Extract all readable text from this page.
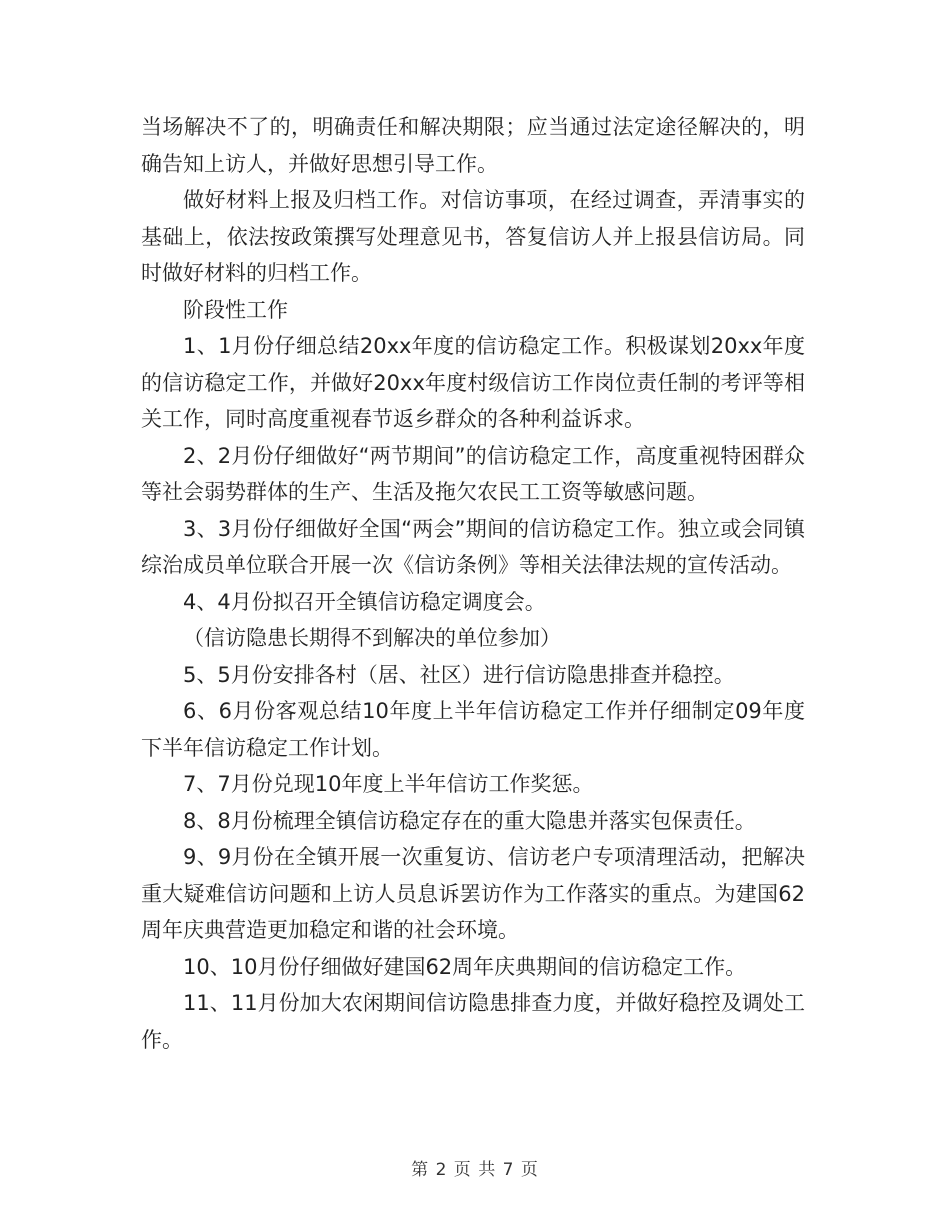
当场解决不了的，明确责任和解决期限；应当通过法定途径解决的，明确告知上访人，并做好思想引导工作。

做好材料上报及归档工作。对信访事项，在经过调查，弄清事实的基础上，依法按政策撰写处理意见书，答复信访人并上报县信访局。同时做好材料的归档工作。

阶段性工作

1、1月份仔细总结20xx年度的信访稳定工作。积极谋划20xx年度的信访稳定工作，并做好20xx年度村级信访工作岗位责任制的考评等相关工作，同时高度重视春节返乡群众的各种利益诉求。

2、2月份仔细做好“两节期间”的信访稳定工作，高度重视特困群众等社会弱势群体的生产、生活及拖欠农民工工资等敏感问题。

3、3月份仔细做好全国“两会”期间的信访稳定工作。独立或会同镇综治成员单位联合开展一次《信访条例》等相关法律法规的宣传活动。

4、4月份拟召开全镇信访稳定调度会。

（信访隐患长期得不到解决的单位参加）

5、5月份安排各村（居、社区）进行信访隐患排查并稳控。

6、6月份客观总结10年度上半年信访稳定工作并仔细制定09年度下半年信访稳定工作计划。

7、7月份兑现10年度上半年信访工作奖惩。

8、8月份梳理全镇信访稳定存在的重大隐患并落实包保责任。

9、9月份在全镇开展一次重复访、信访老户专项清理活动，把解决重大疑难信访问题和上访人员息诉罢访作为工作落实的重点。为建国62周年庆典营造更加稳定和谐的社会环境。

10、10月份仔细做好建国62周年庆典期间的信访稳定工作。

11、11月份加大农闲期间信访隐患排查力度，并做好稳控及调处工作。

第 2 页 共 7 页
